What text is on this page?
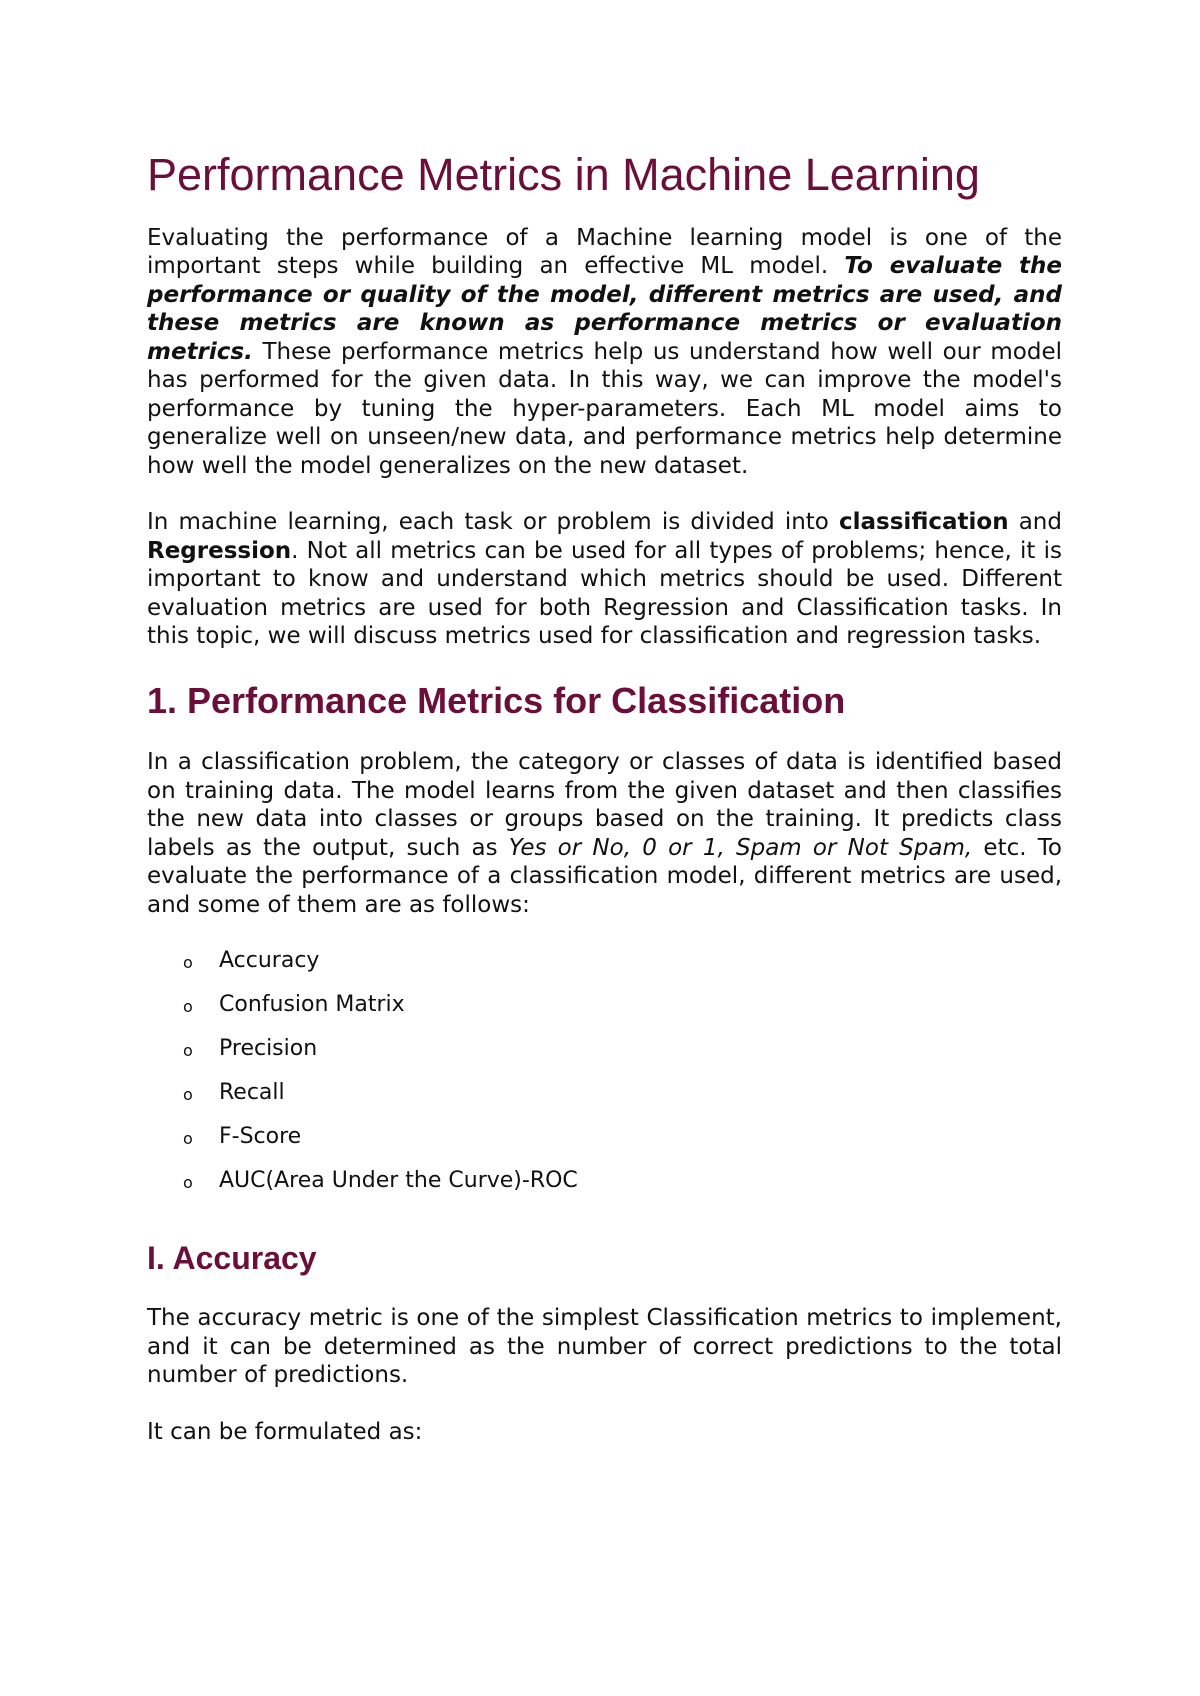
Performance Metrics in Machine Learning

Evaluating the performance of a Machine learning model is one of the important steps while building an effective ML model. To evaluate the performance or quality of the model, different metrics are used, and these metrics are known as performance metrics or evaluation metrics. These performance metrics help us understand how well our model has performed for the given data. In this way, we can improve the model's performance by tuning the hyper-parameters. Each ML model aims to generalize well on unseen/new data, and performance metrics help determine how well the model generalizes on the new dataset.

In machine learning, each task or problem is divided into classification and Regression. Not all metrics can be used for all types of problems; hence, it is important to know and understand which metrics should be used. Different evaluation metrics are used for both Regression and Classification tasks. In this topic, we will discuss metrics used for classification and regression tasks.

1. Performance Metrics for Classification

In a classification problem, the category or classes of data is identified based on training data. The model learns from the given dataset and then classifies the new data into classes or groups based on the training. It predicts class labels as the output, such as Yes or No, 0 or 1, Spam or Not Spam, etc. To evaluate the performance of a classification model, different metrics are used, and some of them are as follows:

o Accuracy
o Confusion Matrix
o Precision
o Recall
o F-Score
o AUC(Area Under the Curve)-ROC
I. Accuracy

The accuracy metric is one of the simplest Classification metrics to implement, and it can be determined as the number of correct predictions to the total number of predictions.

It can be formulated as:
